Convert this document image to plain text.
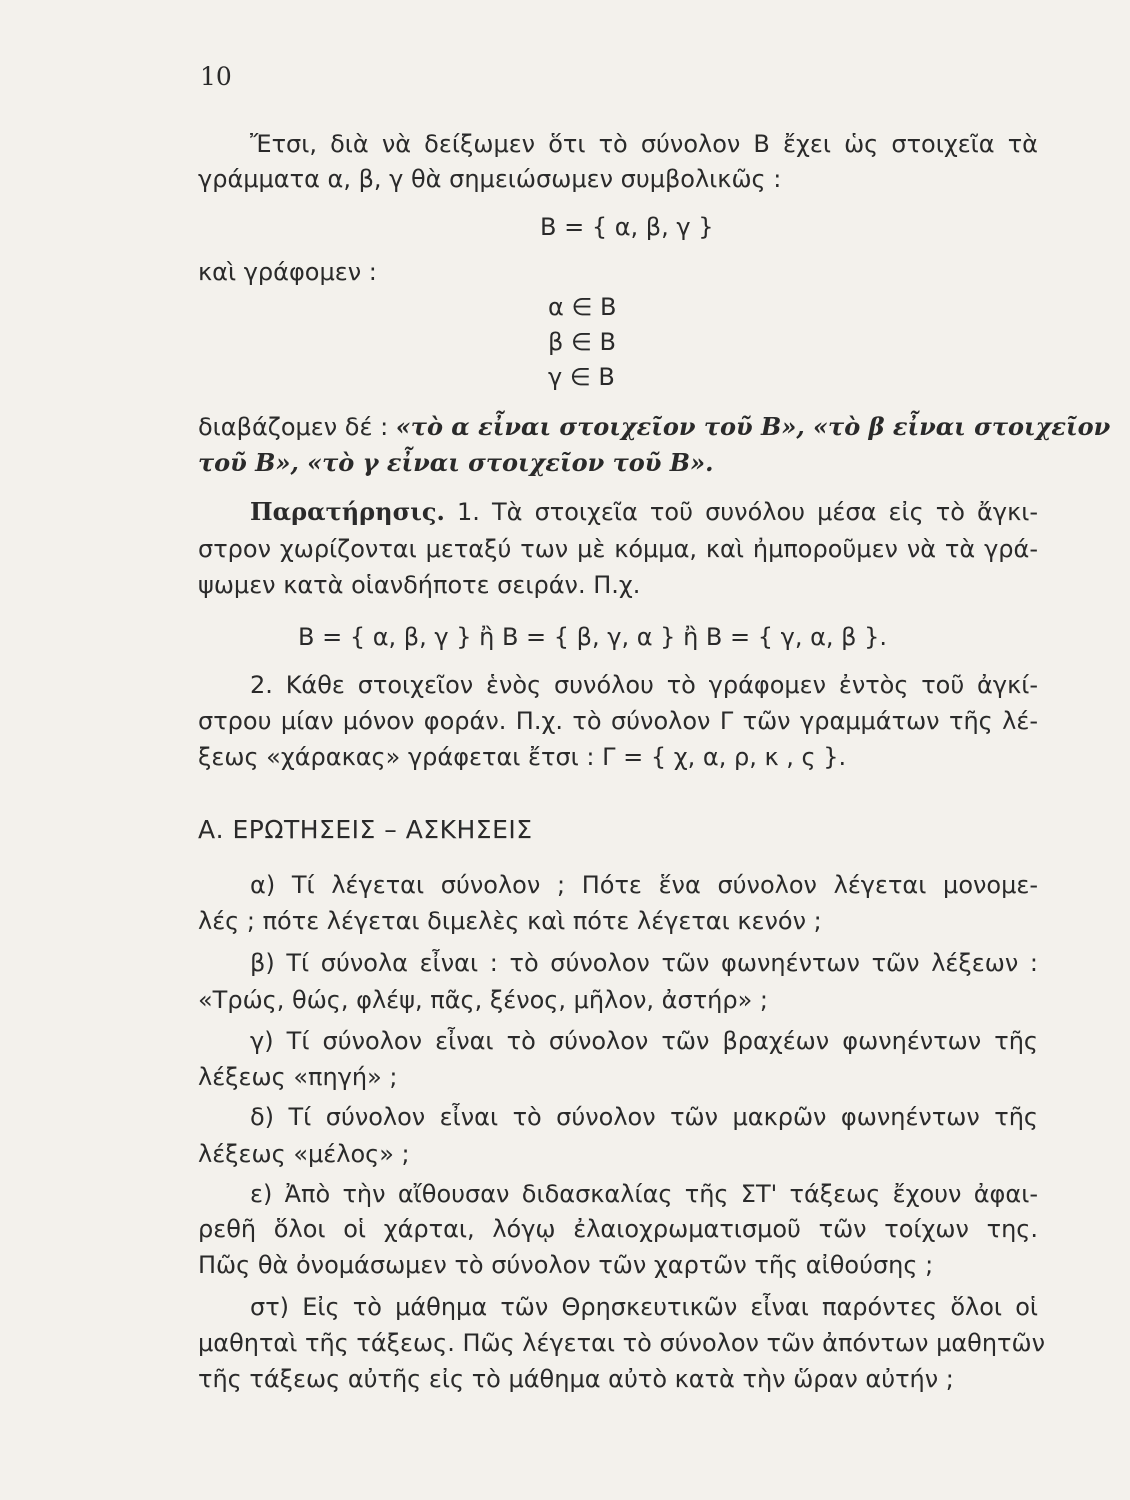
10
Ἔτσι, διὰ νὰ δείξωμεν ὅτι τὸ σύνολον Β ἔχει ὡς στοιχεῖα τὰ
γράμματα α, β, γ θὰ σημειώσωμεν συμβολικῶς :
Β = { α, β, γ }
καὶ γράφομεν :
α ∈ Β
β ∈ Β
γ ∈ Β
διαβάζομεν δέ : «τὸ α εἶναι στοιχεῖον τοῦ Β», «τὸ β εἶναι στοιχεῖον
τοῦ Β», «τὸ γ εἶναι στοιχεῖον τοῦ Β».
Παρατήρησις. 1. Τὰ στοιχεῖα τοῦ συνόλου μέσα εἰς τὸ ἄγκι-
στρον χωρίζονται μεταξύ των μὲ κόμμα, καὶ ἠμποροῦμεν νὰ τὰ γρά-
ψωμεν κατὰ οἱανδήποτε σειράν. Π.χ.
Β = { α, β, γ } ἢ Β = { β, γ, α } ἢ Β = { γ, α, β }.
2. Κάθε στοιχεῖον ἑνὸς συνόλου τὸ γράφομεν ἐντὸς τοῦ ἀγκί-
στρου μίαν μόνον φοράν. Π.χ. τὸ σύνολον Γ τῶν γραμμάτων τῆς λέ-
ξεως «χάρακας» γράφεται ἔτσι : Γ = { χ, α, ρ, κ , ς }.
Α. ΕΡΩΤΗΣΕΙΣ – ΑΣΚΗΣΕΙΣ
α) Τί λέγεται σύνολον ; Πότε ἕνα σύνολον λέγεται μονομε-
λές ; πότε λέγεται διμελὲς καὶ πότε λέγεται κενόν ;
β) Τί σύνολα εἶναι : τὸ σύνολον τῶν φωνηέντων τῶν λέξεων :
«Τρώς, θώς, φλέψ, πᾶς, ξένος, μῆλον, ἀστήρ» ;
γ) Τί σύνολον εἶναι τὸ σύνολον τῶν βραχέων φωνηέντων τῆς
λέξεως «πηγή» ;
δ) Τί σύνολον εἶναι τὸ σύνολον τῶν μακρῶν φωνηέντων τῆς
λέξεως «μέλος» ;
ε) Ἀπὸ τὴν αἴθουσαν διδασκαλίας τῆς ΣΤ' τάξεως ἔχουν ἀφαι-
ρεθῆ ὅλοι οἱ χάρται, λόγῳ ἐλαιοχρωματισμοῦ τῶν τοίχων της.
Πῶς θὰ ὀνομάσωμεν τὸ σύνολον τῶν χαρτῶν τῆς αἰθούσης ;
στ) Εἰς τὸ μάθημα τῶν Θρησκευτικῶν εἶναι παρόντες ὅλοι οἱ
μαθηταὶ τῆς τάξεως. Πῶς λέγεται τὸ σύνολον τῶν ἀπόντων μαθητῶν
τῆς τάξεως αὐτῆς εἰς τὸ μάθημα αὐτὸ κατὰ τὴν ὥραν αὐτήν ;
